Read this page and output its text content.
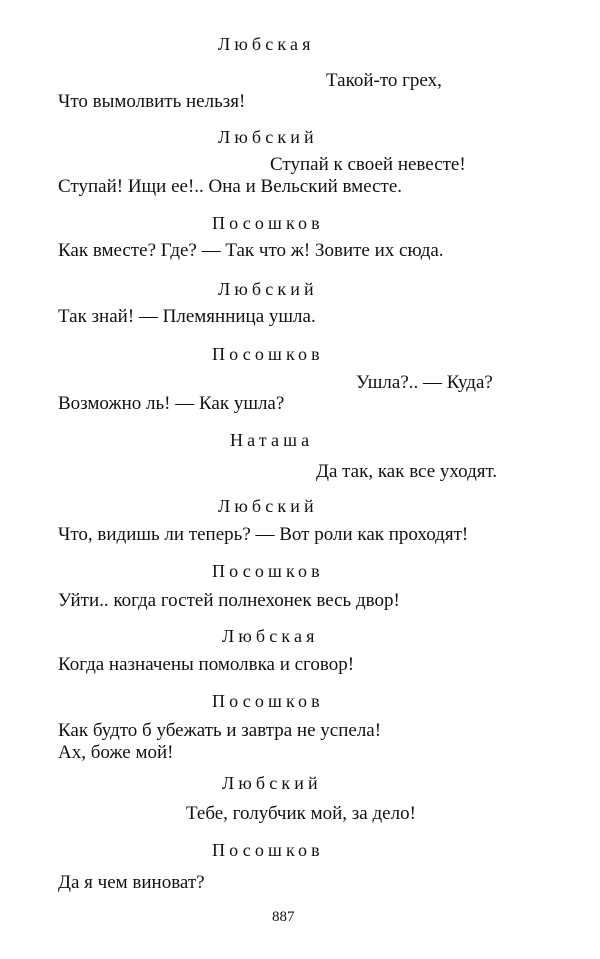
Любская
Такой-то грех,
Что вымолвить нельзя!
Любский
Ступай к своей невесте!
Ступай! Ищи ее!.. Она и Вельский вместе.
Посошков
Как вместе? Где? — Так что ж! Зовите их сюда.
Любский
Так знай! — Племянница ушла.
Посошков
Ушла?.. — Куда?
Возможно ль! — Как ушла?
Наташа
Да так, как все уходят.
Любский
Что, видишь ли теперь? — Вот роли как проходят!
Посошков
Уйти.. когда гостей полнехонек весь двор!
Любская
Когда назначены помолвка и сговор!
Посошков
Как будто б убежать и завтра не успела!
Ах, боже мой!
Любский
Тебе, голубчик мой, за дело!
Посошков
Да я чем виноват?
887
